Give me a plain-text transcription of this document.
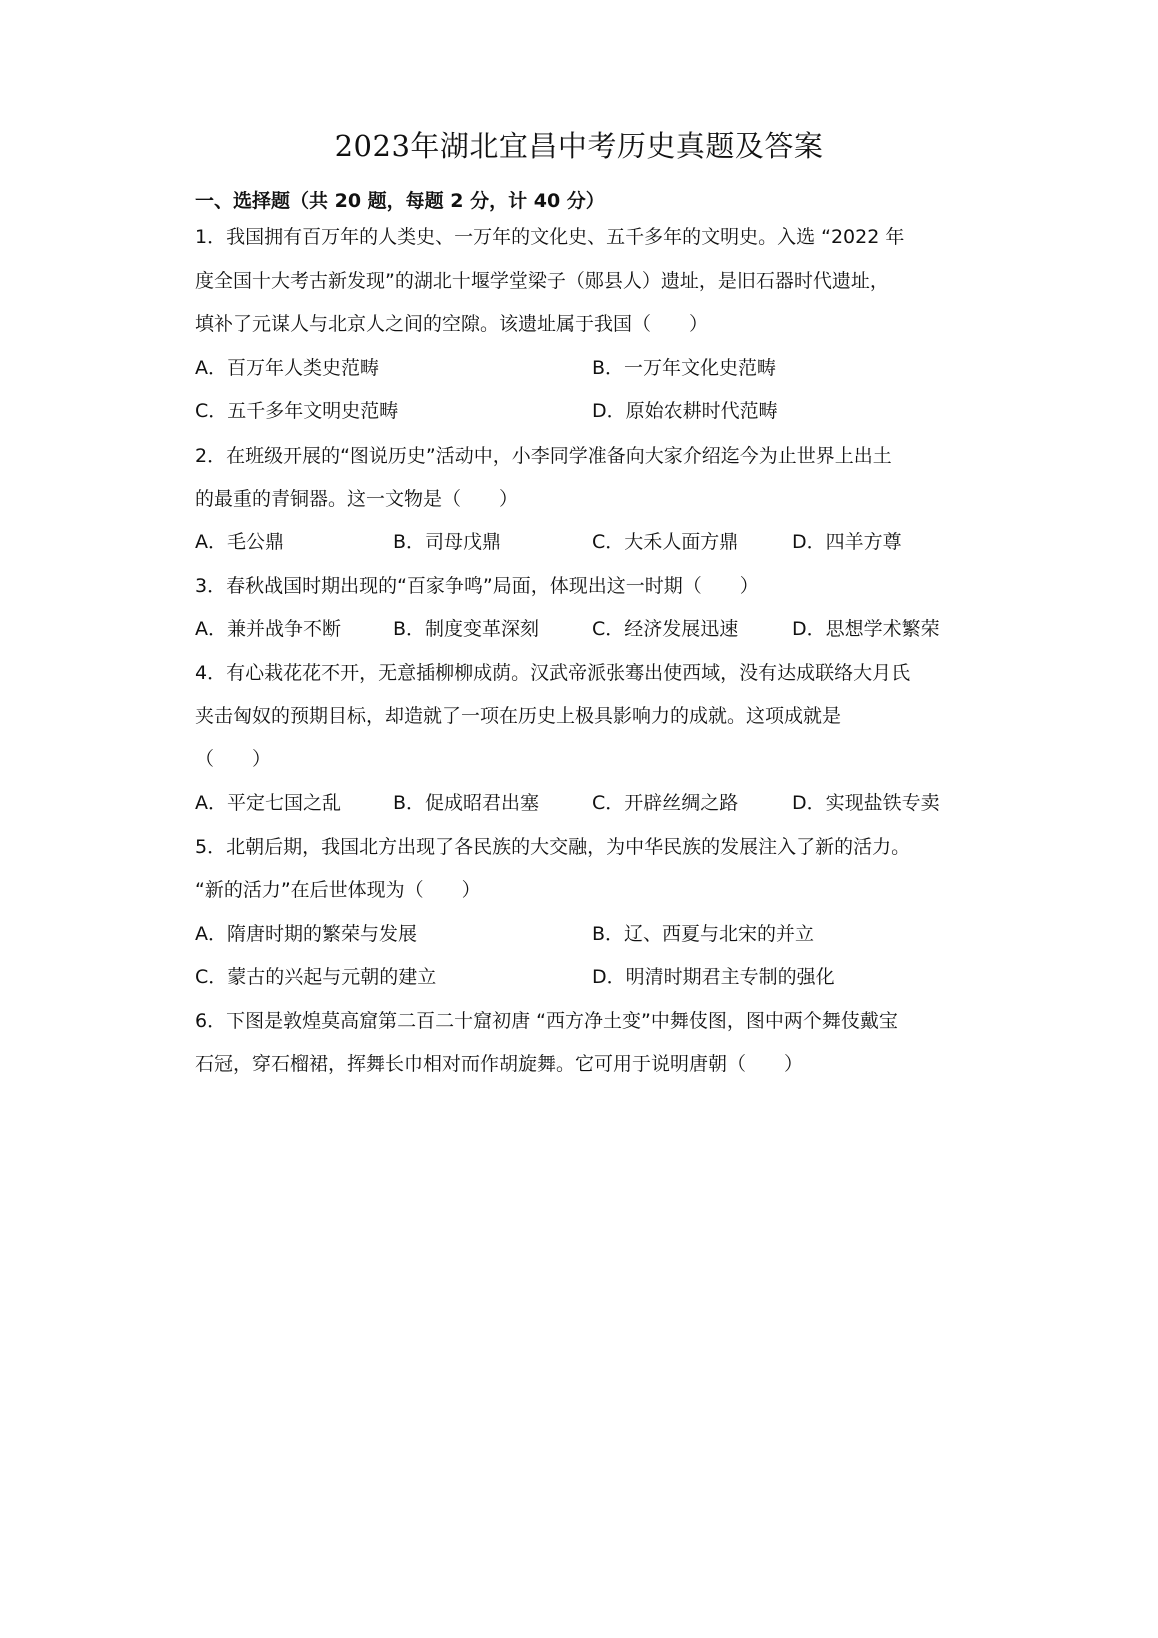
2023年湖北宜昌中考历史真题及答案
一、选择题（共 20 题，每题 2 分，计 40 分）
1．我国拥有百万年的人类史、一万年的文化史、五千多年的文明史。入选 “2022 年
度全国十大考古新发现”的湖北十堰学堂梁子（郧县人）遗址，是旧石器时代遗址，
填补了元谋人与北京人之间的空隙。该遗址属于我国（　　）
A．百万年人类史范畴	B．一万年文化史范畴
C．五千多年文明史范畴	D．原始农耕时代范畴
2．在班级开展的“图说历史”活动中，小李同学准备向大家介绍迄今为止世界上出土
的最重的青铜器。这一文物是（　　）
A．毛公鼎	B．司母戊鼎	C．大禾人面方鼎	D．四羊方尊
3．春秋战国时期出现的“百家争鸣”局面，体现出这一时期（　　）
A．兼并战争不断	B．制度变革深刻	C．经济发展迅速	D．思想学术繁荣
4．有心栽花花不开，无意插柳柳成荫。汉武帝派张骞出使西域，没有达成联络大月氏
夹击匈奴的预期目标，却造就了一项在历史上极具影响力的成就。这项成就是
（　　）
A．平定七国之乱	B．促成昭君出塞	C．开辟丝绸之路	D．实现盐铁专卖
5．北朝后期，我国北方出现了各民族的大交融，为中华民族的发展注入了新的活力。
“新的活力”在后世体现为（　　）
A．隋唐时期的繁荣与发展	B．辽、西夏与北宋的并立
C．蒙古的兴起与元朝的建立	D．明清时期君主专制的强化
6．下图是敦煌莫高窟第二百二十窟初唐 “西方净土变”中舞伎图，图中两个舞伎戴宝
石冠，穿石榴裙，挥舞长巾相对而作胡旋舞。它可用于说明唐朝（　　）
